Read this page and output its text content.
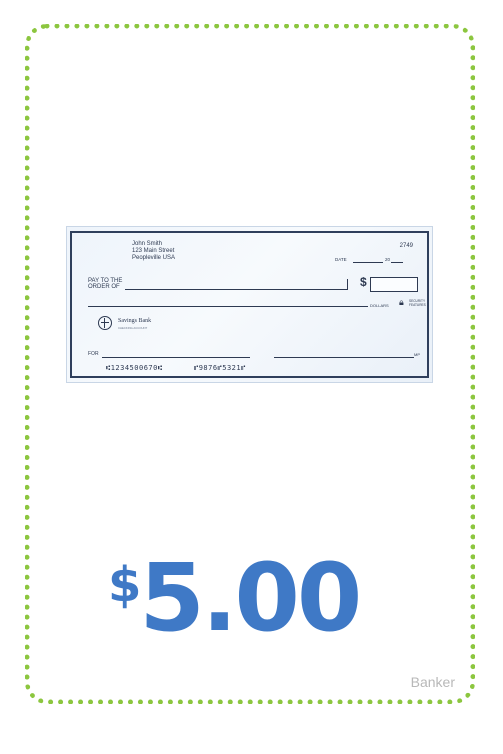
John Smith
123 Main Street
Peopleville USA
2749
DATE	20
PAY TO THE
ORDER OF	$
DOLLARS 🔒︎ SECURITY
FEATURES
Savings Bank
CHECKING ACCOUNT
FOR	MP
⑆1234500670⑆	⑈9876⑈5321⑈
$5.00
Banker
